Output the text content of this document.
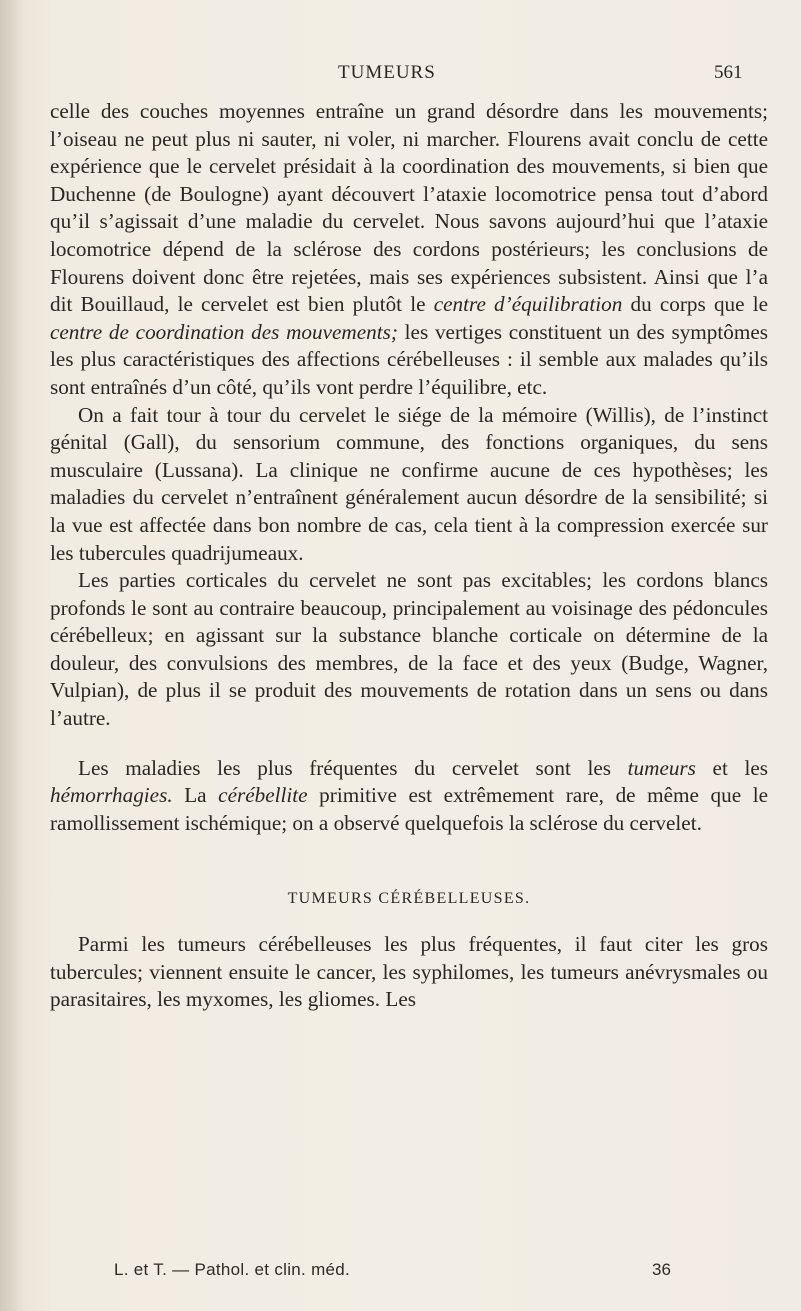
TUMEURS	561

celle des couches moyennes entraîne un grand désordre dans les mouvements; l’oiseau ne peut plus ni sauter, ni voler, ni marcher. Flourens avait conclu de cette expérience que le cervelet présidait à la coordination des mouvements, si bien que Duchenne (de Boulogne) ayant découvert l’ataxie locomotrice pensa tout d’abord qu’il s’agissait d’une maladie du cervelet. Nous savons aujourd’hui que l’ataxie locomotrice dépend de la sclérose des cordons postérieurs; les conclusions de Flourens doivent donc être rejetées, mais ses expériences subsistent. Ainsi que l’a dit Bouillaud, le cervelet est bien plutôt le centre d’équilibration du corps que le centre de coordination des mouvements; les vertiges constituent un des symptômes les plus caractéristiques des affections cérébelleuses : il semble aux malades qu’ils sont entraînés d’un côté, qu’ils vont perdre l’équilibre, etc.

On a fait tour à tour du cervelet le siége de la mémoire (Willis), de l’instinct génital (Gall), du sensorium commune, des fonctions organiques, du sens musculaire (Lussana). La clinique ne confirme aucune de ces hypothèses; les maladies du cervelet n’entraînent généralement aucun désordre de la sensibilité; si la vue est affectée dans bon nombre de cas, cela tient à la compression exercée sur les tubercules quadrijumeaux.

Les parties corticales du cervelet ne sont pas excitables; les cordons blancs profonds le sont au contraire beaucoup, principalement au voisinage des pédoncules cérébelleux; en agissant sur la substance blanche corticale on détermine de la douleur, des convulsions des membres, de la face et des yeux (Budge, Wagner, Vulpian), de plus il se produit des mouvements de rotation dans un sens ou dans l’autre.

Les maladies les plus fréquentes du cervelet sont les tumeurs et les hémorrhagies. La cérébellite primitive est extrêmement rare, de même que le ramollissement ischémique; on a observé quelquefois la sclérose du cervelet.

TUMEURS CÉRÉBELLEUSES.

Parmi les tumeurs cérébelleuses les plus fréquentes, il faut citer les gros tubercules; viennent ensuite le cancer, les syphilomes, les tumeurs anévrysmales ou parasitaires, les myxomes, les gliomes. Les

L. et T. — Pathol. et clin. méd.	36
